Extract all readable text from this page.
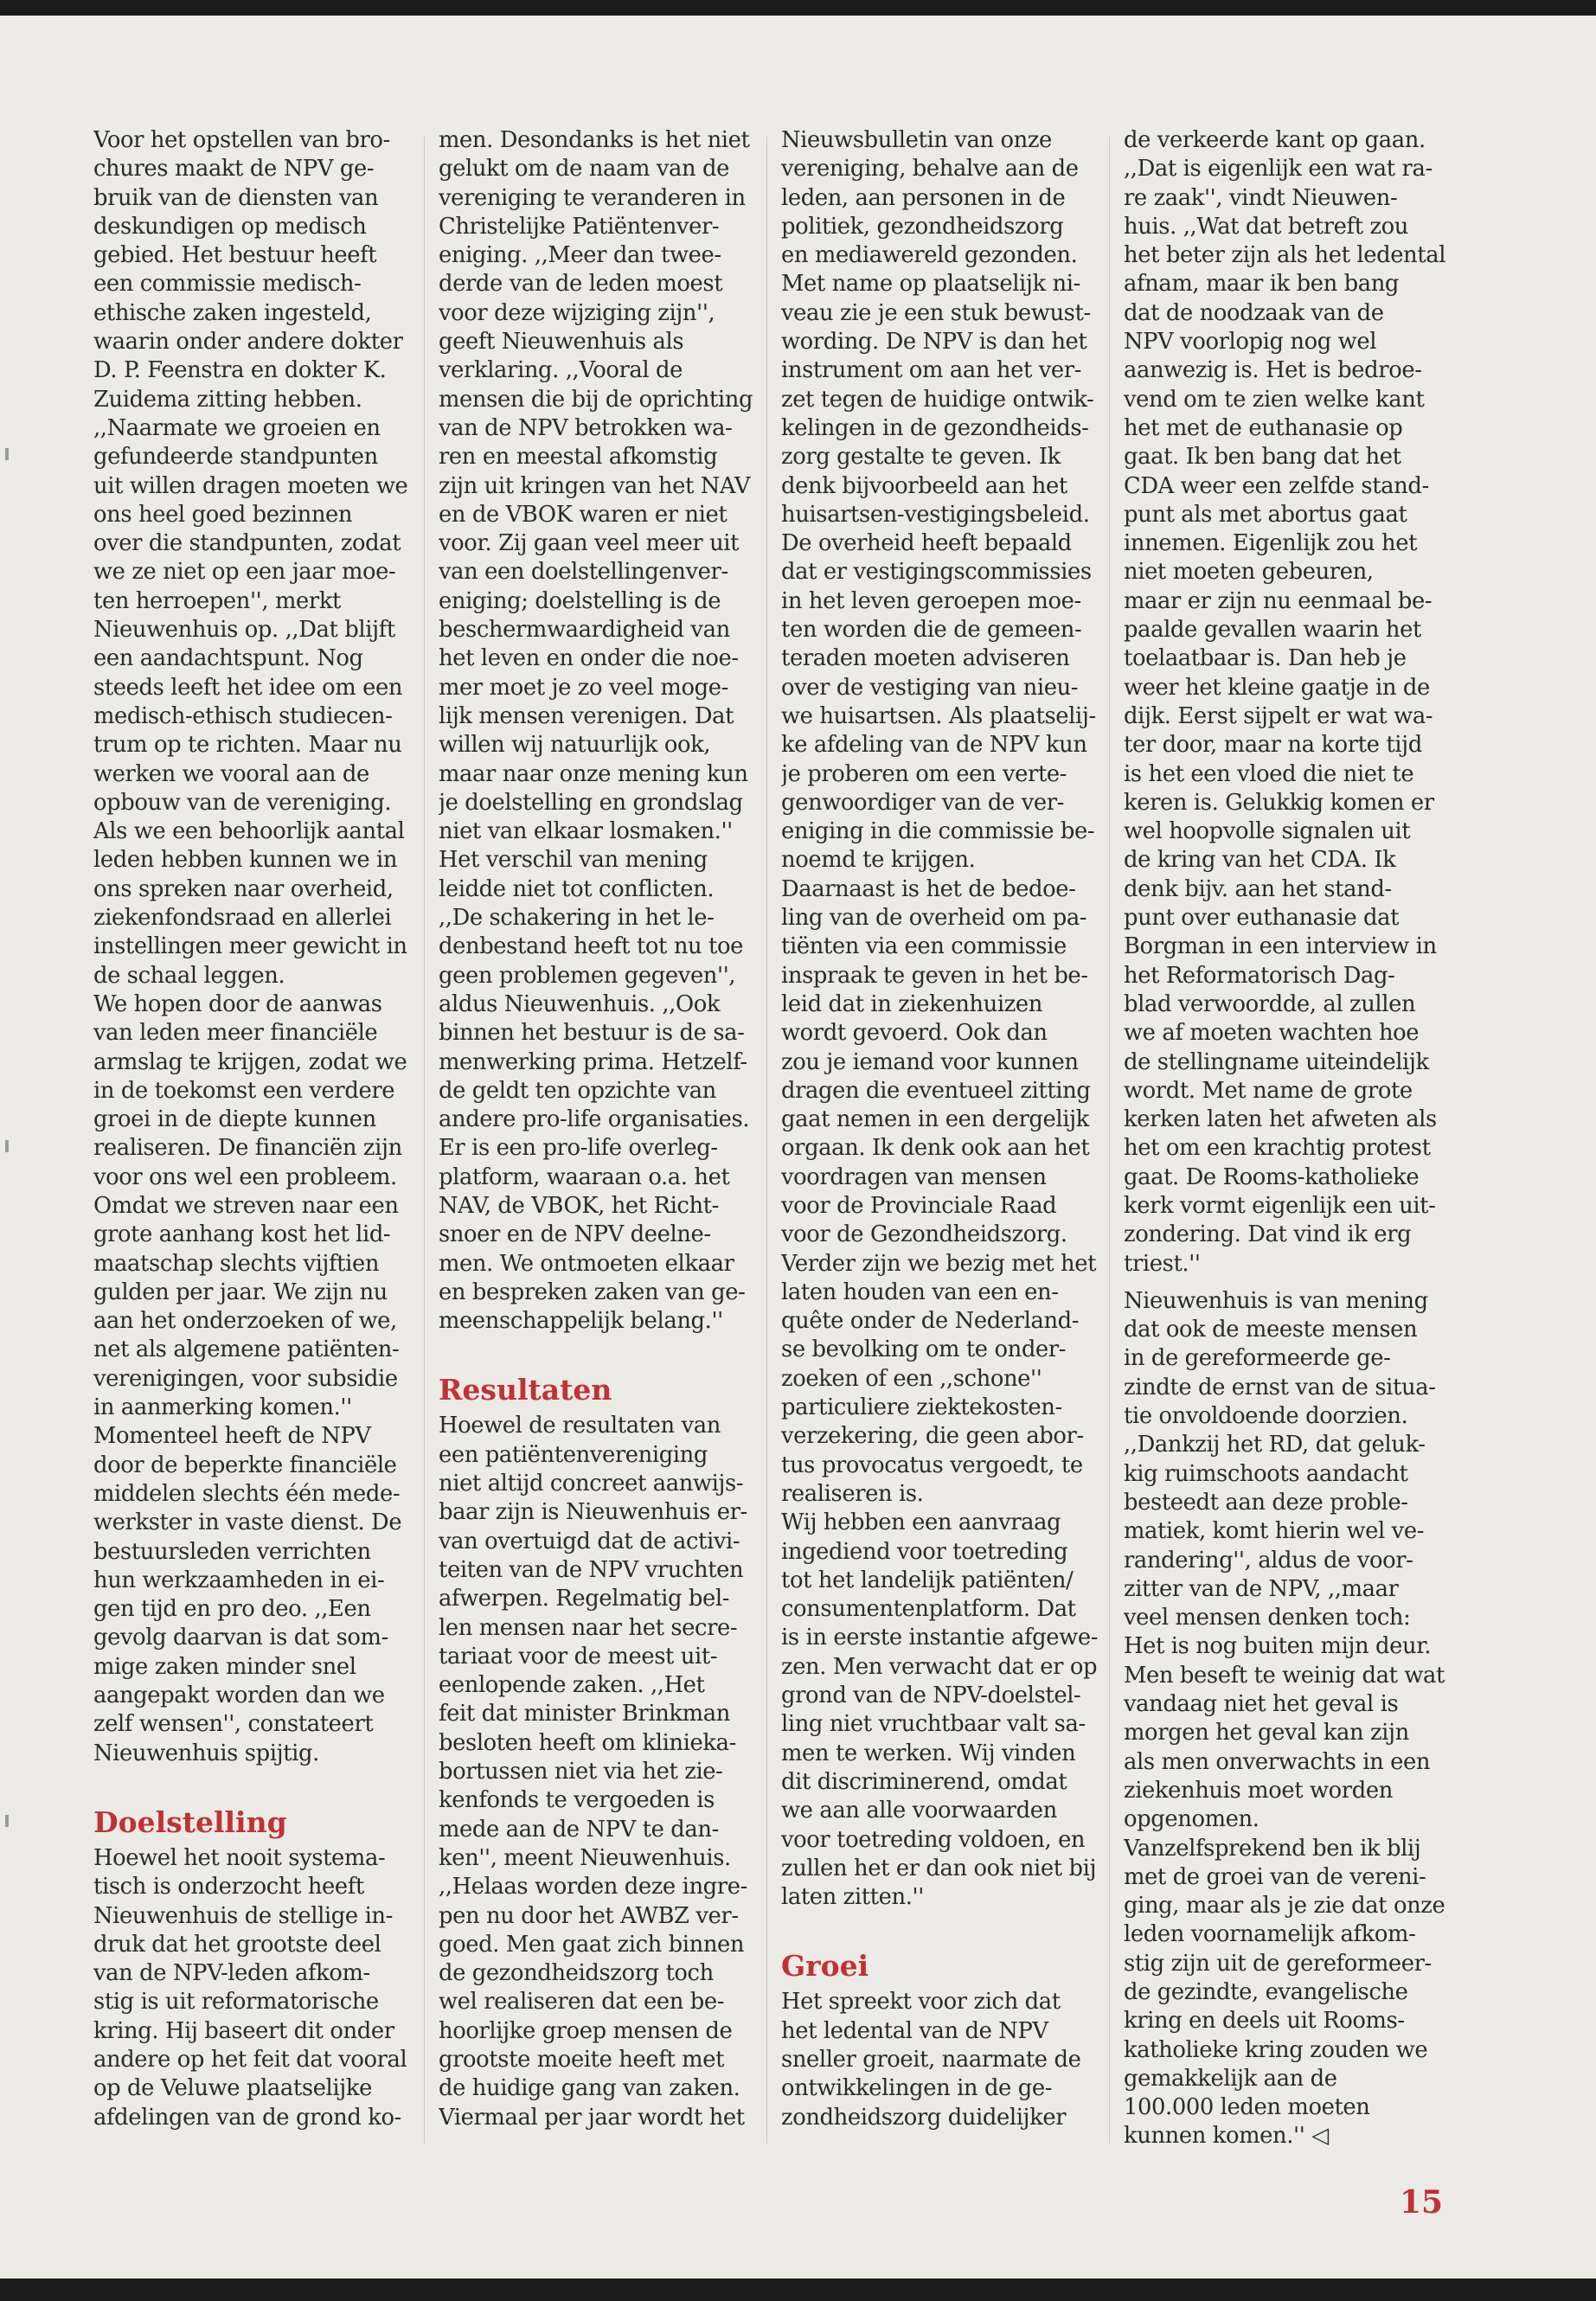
Voor het opstellen van bro-
chures maakt de NPV ge-
bruik van de diensten van
deskundigen op medisch
gebied. Het bestuur heeft
een commissie medisch-
ethische zaken ingesteld,
waarin onder andere dokter
D. P. Feenstra en dokter K.
Zuidema zitting hebben.
,,Naarmate we groeien en
gefundeerde standpunten
uit willen dragen moeten we
ons heel goed bezinnen
over die standpunten, zodat
we ze niet op een jaar moe-
ten herroepen'', merkt
Nieuwenhuis op. ,,Dat blijft
een aandachtspunt. Nog
steeds leeft het idee om een
medisch-ethisch studiecen-
trum op te richten. Maar nu
werken we vooral aan de
opbouw van de vereniging.
Als we een behoorlijk aantal
leden hebben kunnen we in
ons spreken naar overheid,
ziekenfondsraad en allerlei
instellingen meer gewicht in
de schaal leggen.
We hopen door de aanwas
van leden meer financiële
armslag te krijgen, zodat we
in de toekomst een verdere
groei in de diepte kunnen
realiseren. De financiën zijn
voor ons wel een probleem.
Omdat we streven naar een
grote aanhang kost het lid-
maatschap slechts vijftien
gulden per jaar. We zijn nu
aan het onderzoeken of we,
net als algemene patiënten-
verenigingen, voor subsidie
in aanmerking komen.''
Momenteel heeft de NPV
door de beperkte financiële
middelen slechts één mede-
werkster in vaste dienst. De
bestuursleden verrichten
hun werkzaamheden in ei-
gen tijd en pro deo. ,,Een
gevolg daarvan is dat som-
mige zaken minder snel
aangepakt worden dan we
zelf wensen'', constateert
Nieuwenhuis spijtig.
Doelstelling
Hoewel het nooit systema-
tisch is onderzocht heeft
Nieuwenhuis de stellige in-
druk dat het grootste deel
van de NPV-leden afkom-
stig is uit reformatorische
kring. Hij baseert dit onder
andere op het feit dat vooral
op de Veluwe plaatselijke
afdelingen van de grond ko-
men. Desondanks is het niet
gelukt om de naam van de
vereniging te veranderen in
Christelijke Patiëntenver-
eniging. ,,Meer dan twee-
derde van de leden moest
voor deze wijziging zijn'',
geeft Nieuwenhuis als
verklaring. ,,Vooral de
mensen die bij de oprichting
van de NPV betrokken wa-
ren en meestal afkomstig
zijn uit kringen van het NAV
en de VBOK waren er niet
voor. Zij gaan veel meer uit
van een doelstellingenver-
eniging; doelstelling is de
beschermwaardigheid van
het leven en onder die noe-
mer moet je zo veel moge-
lijk mensen verenigen. Dat
willen wij natuurlijk ook,
maar naar onze mening kun
je doelstelling en grondslag
niet van elkaar losmaken.''
Het verschil van mening
leidde niet tot conflicten.
,,De schakering in het le-
denbestand heeft tot nu toe
geen problemen gegeven'',
aldus Nieuwenhuis. ,,Ook
binnen het bestuur is de sa-
menwerking prima. Hetzelf-
de geldt ten opzichte van
andere pro-life organisaties.
Er is een pro-life overleg-
platform, waaraan o.a. het
NAV, de VBOK, het Richt-
snoer en de NPV deelne-
men. We ontmoeten elkaar
en bespreken zaken van ge-
meenschappelijk belang.''
Resultaten
Hoewel de resultaten van
een patiëntenvereniging
niet altijd concreet aanwijs-
baar zijn is Nieuwenhuis er-
van overtuigd dat de activi-
teiten van de NPV vruchten
afwerpen. Regelmatig bel-
len mensen naar het secre-
tariaat voor de meest uit-
eenlopende zaken. ,,Het
feit dat minister Brinkman
besloten heeft om klinieka-
bortussen niet via het zie-
kenfonds te vergoeden is
mede aan de NPV te dan-
ken'', meent Nieuwenhuis.
,,Helaas worden deze ingre-
pen nu door het AWBZ ver-
goed. Men gaat zich binnen
de gezondheidszorg toch
wel realiseren dat een be-
hoorlijke groep mensen de
grootste moeite heeft met
de huidige gang van zaken.
Viermaal per jaar wordt het
Nieuwsbulletin van onze
vereniging, behalve aan de
leden, aan personen in de
politiek, gezondheidszorg
en mediawereld gezonden.
Met name op plaatselijk ni-
veau zie je een stuk bewust-
wording. De NPV is dan het
instrument om aan het ver-
zet tegen de huidige ontwik-
kelingen in de gezondheids-
zorg gestalte te geven. Ik
denk bijvoorbeeld aan het
huisartsen-vestigingsbeleid.
De overheid heeft bepaald
dat er vestigingscommissies
in het leven geroepen moe-
ten worden die de gemeen-
teraden moeten adviseren
over de vestiging van nieu-
we huisartsen. Als plaatselij-
ke afdeling van de NPV kun
je proberen om een verte-
genwoordiger van de ver-
eniging in die commissie be-
noemd te krijgen.
Daarnaast is het de bedoe-
ling van de overheid om pa-
tiënten via een commissie
inspraak te geven in het be-
leid dat in ziekenhuizen
wordt gevoerd. Ook dan
zou je iemand voor kunnen
dragen die eventueel zitting
gaat nemen in een dergelijk
orgaan. Ik denk ook aan het
voordragen van mensen
voor de Provinciale Raad
voor de Gezondheidszorg.
Verder zijn we bezig met het
laten houden van een en-
quête onder de Nederland-
se bevolking om te onder-
zoeken of een ,,schone''
particuliere ziektekosten-
verzekering, die geen abor-
tus provocatus vergoedt, te
realiseren is.
Wij hebben een aanvraag
ingediend voor toetreding
tot het landelijk patiënten/
consumentenplatform. Dat
is in eerste instantie afgewe-
zen. Men verwacht dat er op
grond van de NPV-doelstel-
ling niet vruchtbaar valt sa-
men te werken. Wij vinden
dit discriminerend, omdat
we aan alle voorwaarden
voor toetreding voldoen, en
zullen het er dan ook niet bij
laten zitten.''
Groei
Het spreekt voor zich dat
het ledental van de NPV
sneller groeit, naarmate de
ontwikkelingen in de ge-
zondheidszorg duidelijker
de verkeerde kant op gaan.
,,Dat is eigenlijk een wat ra-
re zaak'', vindt Nieuwen-
huis. ,,Wat dat betreft zou
het beter zijn als het ledental
afnam, maar ik ben bang
dat de noodzaak van de
NPV voorlopig nog wel
aanwezig is. Het is bedroe-
vend om te zien welke kant
het met de euthanasie op
gaat. Ik ben bang dat het
CDA weer een zelfde stand-
punt als met abortus gaat
innemen. Eigenlijk zou het
niet moeten gebeuren,
maar er zijn nu eenmaal be-
paalde gevallen waarin het
toelaatbaar is. Dan heb je
weer het kleine gaatje in de
dijk. Eerst sijpelt er wat wa-
ter door, maar na korte tijd
is het een vloed die niet te
keren is. Gelukkig komen er
wel hoopvolle signalen uit
de kring van het CDA. Ik
denk bijv. aan het stand-
punt over euthanasie dat
Borgman in een interview in
het Reformatorisch Dag-
blad verwoordde, al zullen
we af moeten wachten hoe
de stellingname uiteindelijk
wordt. Met name de grote
kerken laten het afweten als
het om een krachtig protest
gaat. De Rooms-katholieke
kerk vormt eigenlijk een uit-
zondering. Dat vind ik erg
triest.''
Nieuwenhuis is van mening
dat ook de meeste mensen
in de gereformeerde ge-
zindte de ernst van de situa-
tie onvoldoende doorzien.
,,Dankzij het RD, dat geluk-
kig ruimschoots aandacht
besteedt aan deze proble-
matiek, komt hierin wel ve-
randering'', aldus de voor-
zitter van de NPV, ,,maar
veel mensen denken toch:
Het is nog buiten mijn deur.
Men beseft te weinig dat wat
vandaag niet het geval is
morgen het geval kan zijn
als men onverwachts in een
ziekenhuis moet worden
opgenomen.
Vanzelfsprekend ben ik blij
met de groei van de vereni-
ging, maar als je zie dat onze
leden voornamelijk afkom-
stig zijn uit de gereformeer-
de gezindte, evangelische
kring en deels uit Rooms-
katholieke kring zouden we
gemakkelijk aan de
100.000 leden moeten
kunnen komen.'' ◁
15
